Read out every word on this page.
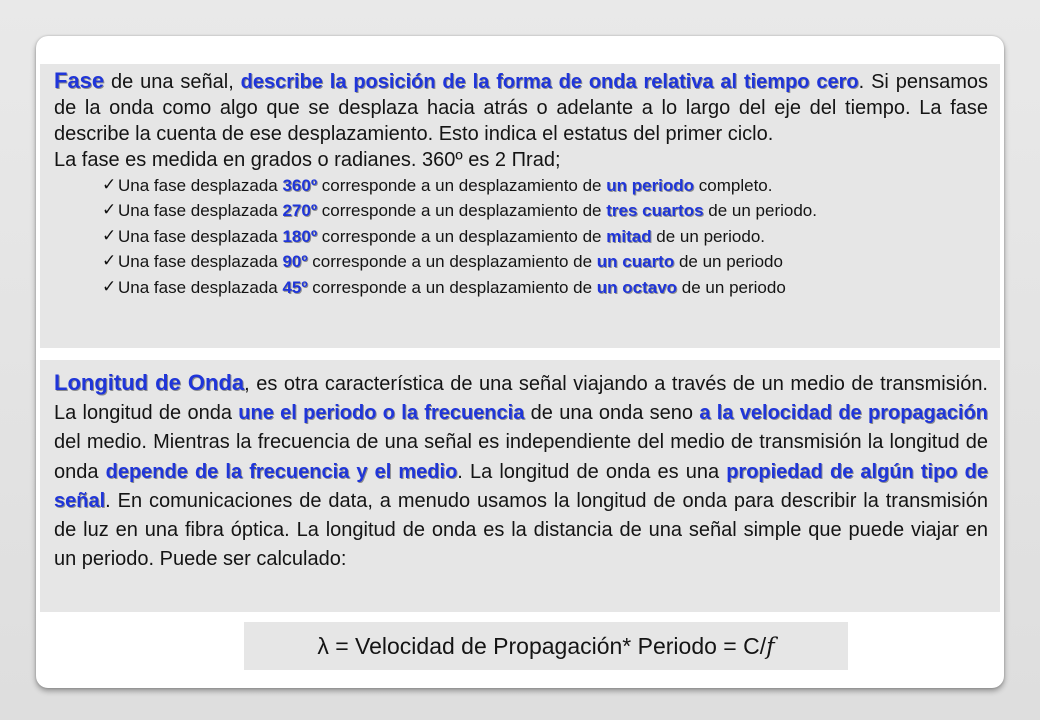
Fase de una señal, describe la posición de la forma de onda relativa al tiempo cero. Si pensamos de la onda como algo que se desplaza hacia atrás o adelante a lo largo del eje del tiempo. La fase describe la cuenta de ese desplazamiento. Esto indica el estatus del primer ciclo.

La fase es medida en grados o radianes. 360º es 2 Πrad;

✓ Una fase desplazada 360º corresponde a un desplazamiento de un periodo completo.
✓ Una fase desplazada 270º corresponde a un desplazamiento de tres cuartos de un periodo.
✓ Una fase desplazada 180º corresponde a un desplazamiento de mitad de un periodo.
✓ Una fase desplazada 90º corresponde a un desplazamiento de un cuarto de un periodo
✓ Una fase desplazada 45º corresponde a un desplazamiento de un octavo de un periodo

Longitud de Onda, es otra característica de una señal viajando a través de un medio de transmisión. La longitud de onda une el periodo o la frecuencia de una onda seno a la velocidad de propagación del medio. Mientras la frecuencia de una señal es independiente del medio de transmisión la longitud de onda depende de la frecuencia y el medio. La longitud de onda es una propiedad de algún tipo de señal. En comunicaciones de data, a menudo usamos la longitud de onda para describir la transmisión de luz en una fibra óptica. La longitud de onda es la distancia de una señal simple que puede viajar en un periodo. Puede ser calculado:

λ = Velocidad de Propagación* Periodo = C/f
